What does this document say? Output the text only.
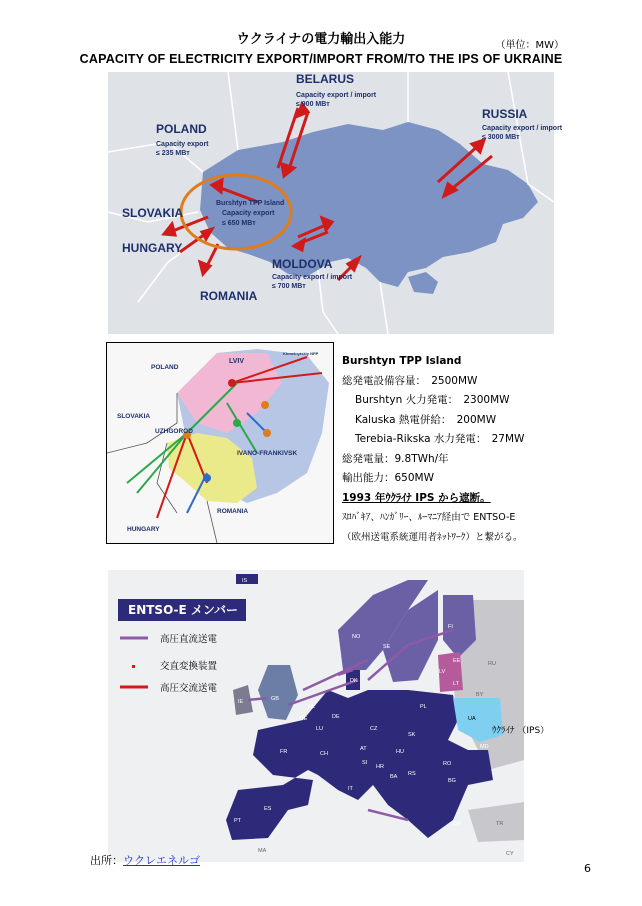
ウクライナの電力輸出入能力	（単位：MW）
CAPACITY OF ELECTRICITY EXPORT/IMPORT FROM/TO THE IPS OF UKRAINE
BELARUS
POLAND
RUSSIA
SLOVAKIA
HUNGARY
MOLDOVA
ROMANIA
Capacity export / import
≤ 900 МВт
Capacity export
≤ 235 МВт
Capacity export / import
≤ 3000 МВт
Burshtyn TPP Island
Capacity export
≤ 650 МВт
Capacity export / import
≤ 700 МВт
POLAND
LVIV
SLOVAKIA
UZHGOROD
IVANO-FRANKIVSK
HUNGARY
ROMANIA
Khmelnytskiy NPP
Burshtyn TPP Island
総発電設備容量：　2500MW
Burshtyn 火力発電：　2300MW
Kaluska 熱電併給：　200MW
Terebia-Rikska 水力発電：　27MW
総発電量：9.8TWh/年
輸出能力：650MW
1993 年ｳｸﾗｲﾅ IPS から遮断。
ｽﾛﾊﾞｷｱ、ﾊﾝｶﾞﾘｰ、ﾙｰﾏﾆｱ経由で ENTSO-E
（欧州送電系統運用者ﾈｯﾄﾜｰｸ）と繋がる。
ENTSO-E メンバー
高圧直流送電
交直変換装置
高圧交流送電
ｳｸﾗｲﾅ （IPS）
IS
NO
SE
FI
EE
LV
LT
RU
BY
DK
IE	GB
NL
BE	DE
PL
CZ
SK
UA
FR	CH
AT	HU
RO
SI
HR
RS
BA
BG
IT
ES
PT	GR	TR
CY
MA
MD
LU
出所：ウクレエネルゴ
6
